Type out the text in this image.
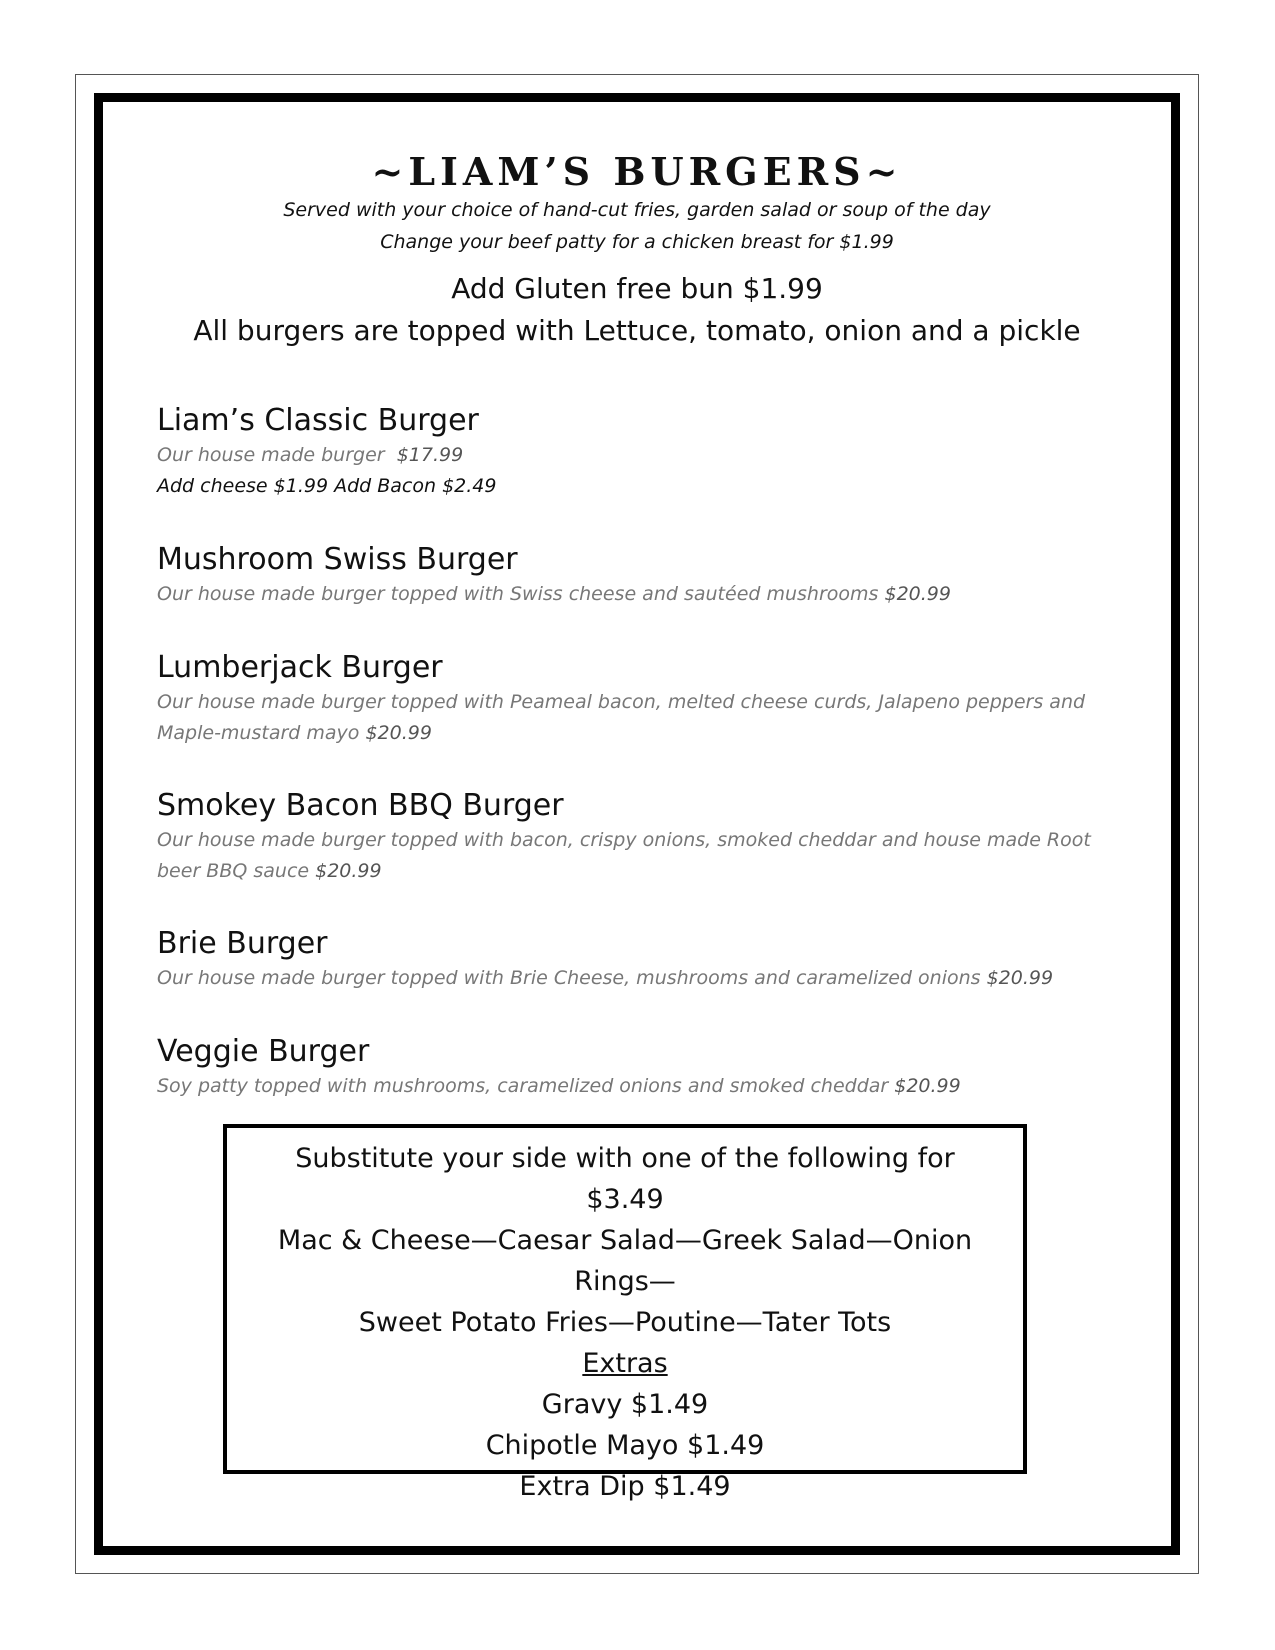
~LIAM’S BURGERS~
Served with your choice of hand-cut fries, garden salad or soup of the day
Change your beef patty for a chicken breast for $1.99
Add Gluten free bun $1.99
All burgers are topped with Lettuce, tomato, onion and a pickle
Liam’s Classic Burger
Our house made burger $17.99
Add cheese $1.99 Add Bacon $2.49
Mushroom Swiss Burger
Our house made burger topped with Swiss cheese and sautéed mushrooms $20.99
Lumberjack Burger
Our house made burger topped with Peameal bacon, melted cheese curds, Jalapeno peppers and Maple-mustard mayo $20.99
Smokey Bacon BBQ Burger
Our house made burger topped with bacon, crispy onions, smoked cheddar and house made Root beer BBQ sauce $20.99
Brie Burger
Our house made burger topped with Brie Cheese, mushrooms and caramelized onions $20.99
Veggie Burger
Soy patty topped with mushrooms, caramelized onions and smoked cheddar $20.99
Substitute your side with one of the following for $3.49
Mac & Cheese—Caesar Salad—Greek Salad—Onion Rings—
Sweet Potato Fries—Poutine—Tater Tots
Extras
Gravy $1.49
Chipotle Mayo $1.49
Extra Dip $1.49
